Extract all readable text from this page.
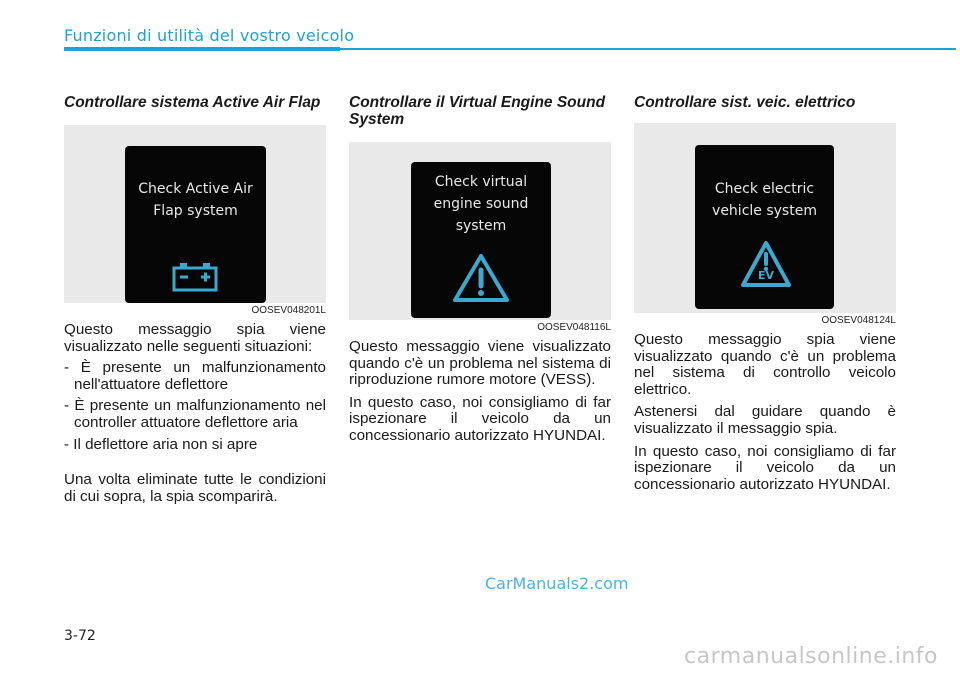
Funzioni di utilità del vostro veicolo
Controllare sistema Active Air Flap
Check Active Air
Flap system
OOSEV048201L

Questo messaggio spia viene visualizzato nelle seguenti situazioni:

- È presente un malfunzionamento nell'attuatore deflettore
- È presente un malfunzionamento nel controller attuatore deflettore aria
- Il deflettore aria non si apre

Una volta eliminate tutte le condizioni di cui sopra, la spia scomparirà.

Controllare il Virtual Engine Sound System
Check virtual
engine sound
system
OOSEV048116L

Questo messaggio viene visualizzato quando c'è un problema nel sistema di riproduzione rumore motore (VESS).

In questo caso, noi consigliamo di far ispezionare il veicolo da un concessionario autorizzato HYUNDAI.

Controllare sist. veic. elettrico
Check electric
vehicle system
EV
OOSEV048124L

Questo messaggio spia viene visualizzato quando c'è un problema nel sistema di controllo veicolo elettrico.

Astenersi dal guidare quando è visualizzato il messaggio spia.

In questo caso, noi consigliamo di far ispezionare il veicolo da un concessionario autorizzato HYUNDAI.

CarManuals2.com
3-72
carmanualsonline.info
